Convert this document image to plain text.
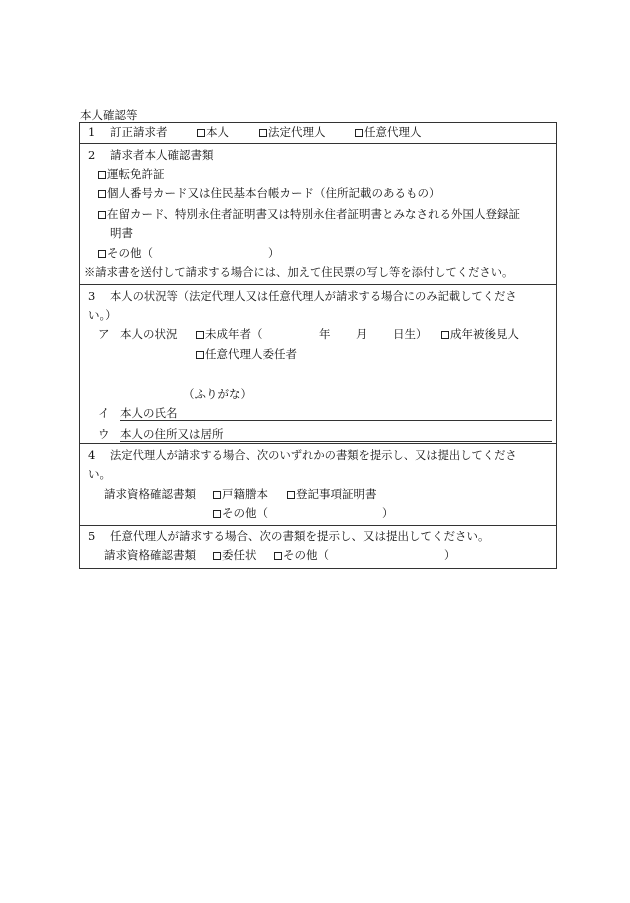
本人確認等
1 訂正請求者	本人	法定代理人	任意代理人
2 請求者本人確認書類
運転免許証
個人番号カード又は住民基本台帳カード（住所記載のあるもの）
在留カード、特別永住者証明書又は特別永住者証明書とみなされる外国人登録証
明書
その他（	）
※請求書を送付して請求する場合には、加えて住民票の写し等を添付してください。
3 本人の状況等（法定代理人又は任意代理人が請求する場合にのみ記載してくださ
い。）
ア 本人の状況	未成年者（	年 月 日生）	成年被後見人
任意代理人委任者
（ふりがな）
イ 本人の氏名
ウ 本人の住所又は居所
4 法定代理人が請求する場合、次のいずれかの書類を提示し、又は提出してくださ
い。
請求資格確認書類	戸籍謄本	登記事項証明書
その他（	）
5 任意代理人が請求する場合、次の書類を提示し、又は提出してください。
請求資格確認書類	委任状	その他（	）
